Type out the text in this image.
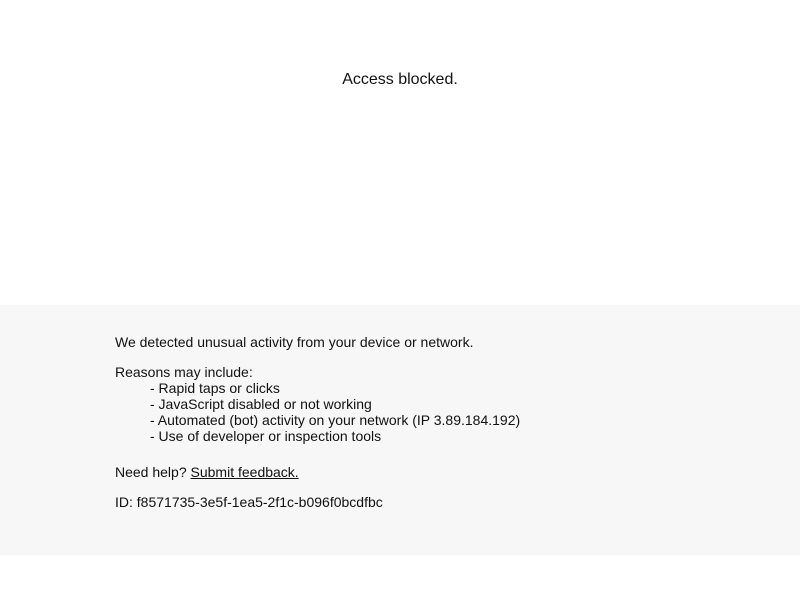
Access blocked.

We detected unusual activity from your device or network.

Reasons may include:

- Rapid taps or clicks
- JavaScript disabled or not working
- Automated (bot) activity on your network (IP 3.89.184.192)
- Use of developer or inspection tools

Need help? Submit feedback.

ID: f8571735-3e5f-1ea5-2f1c-b096f0bcdfbc
